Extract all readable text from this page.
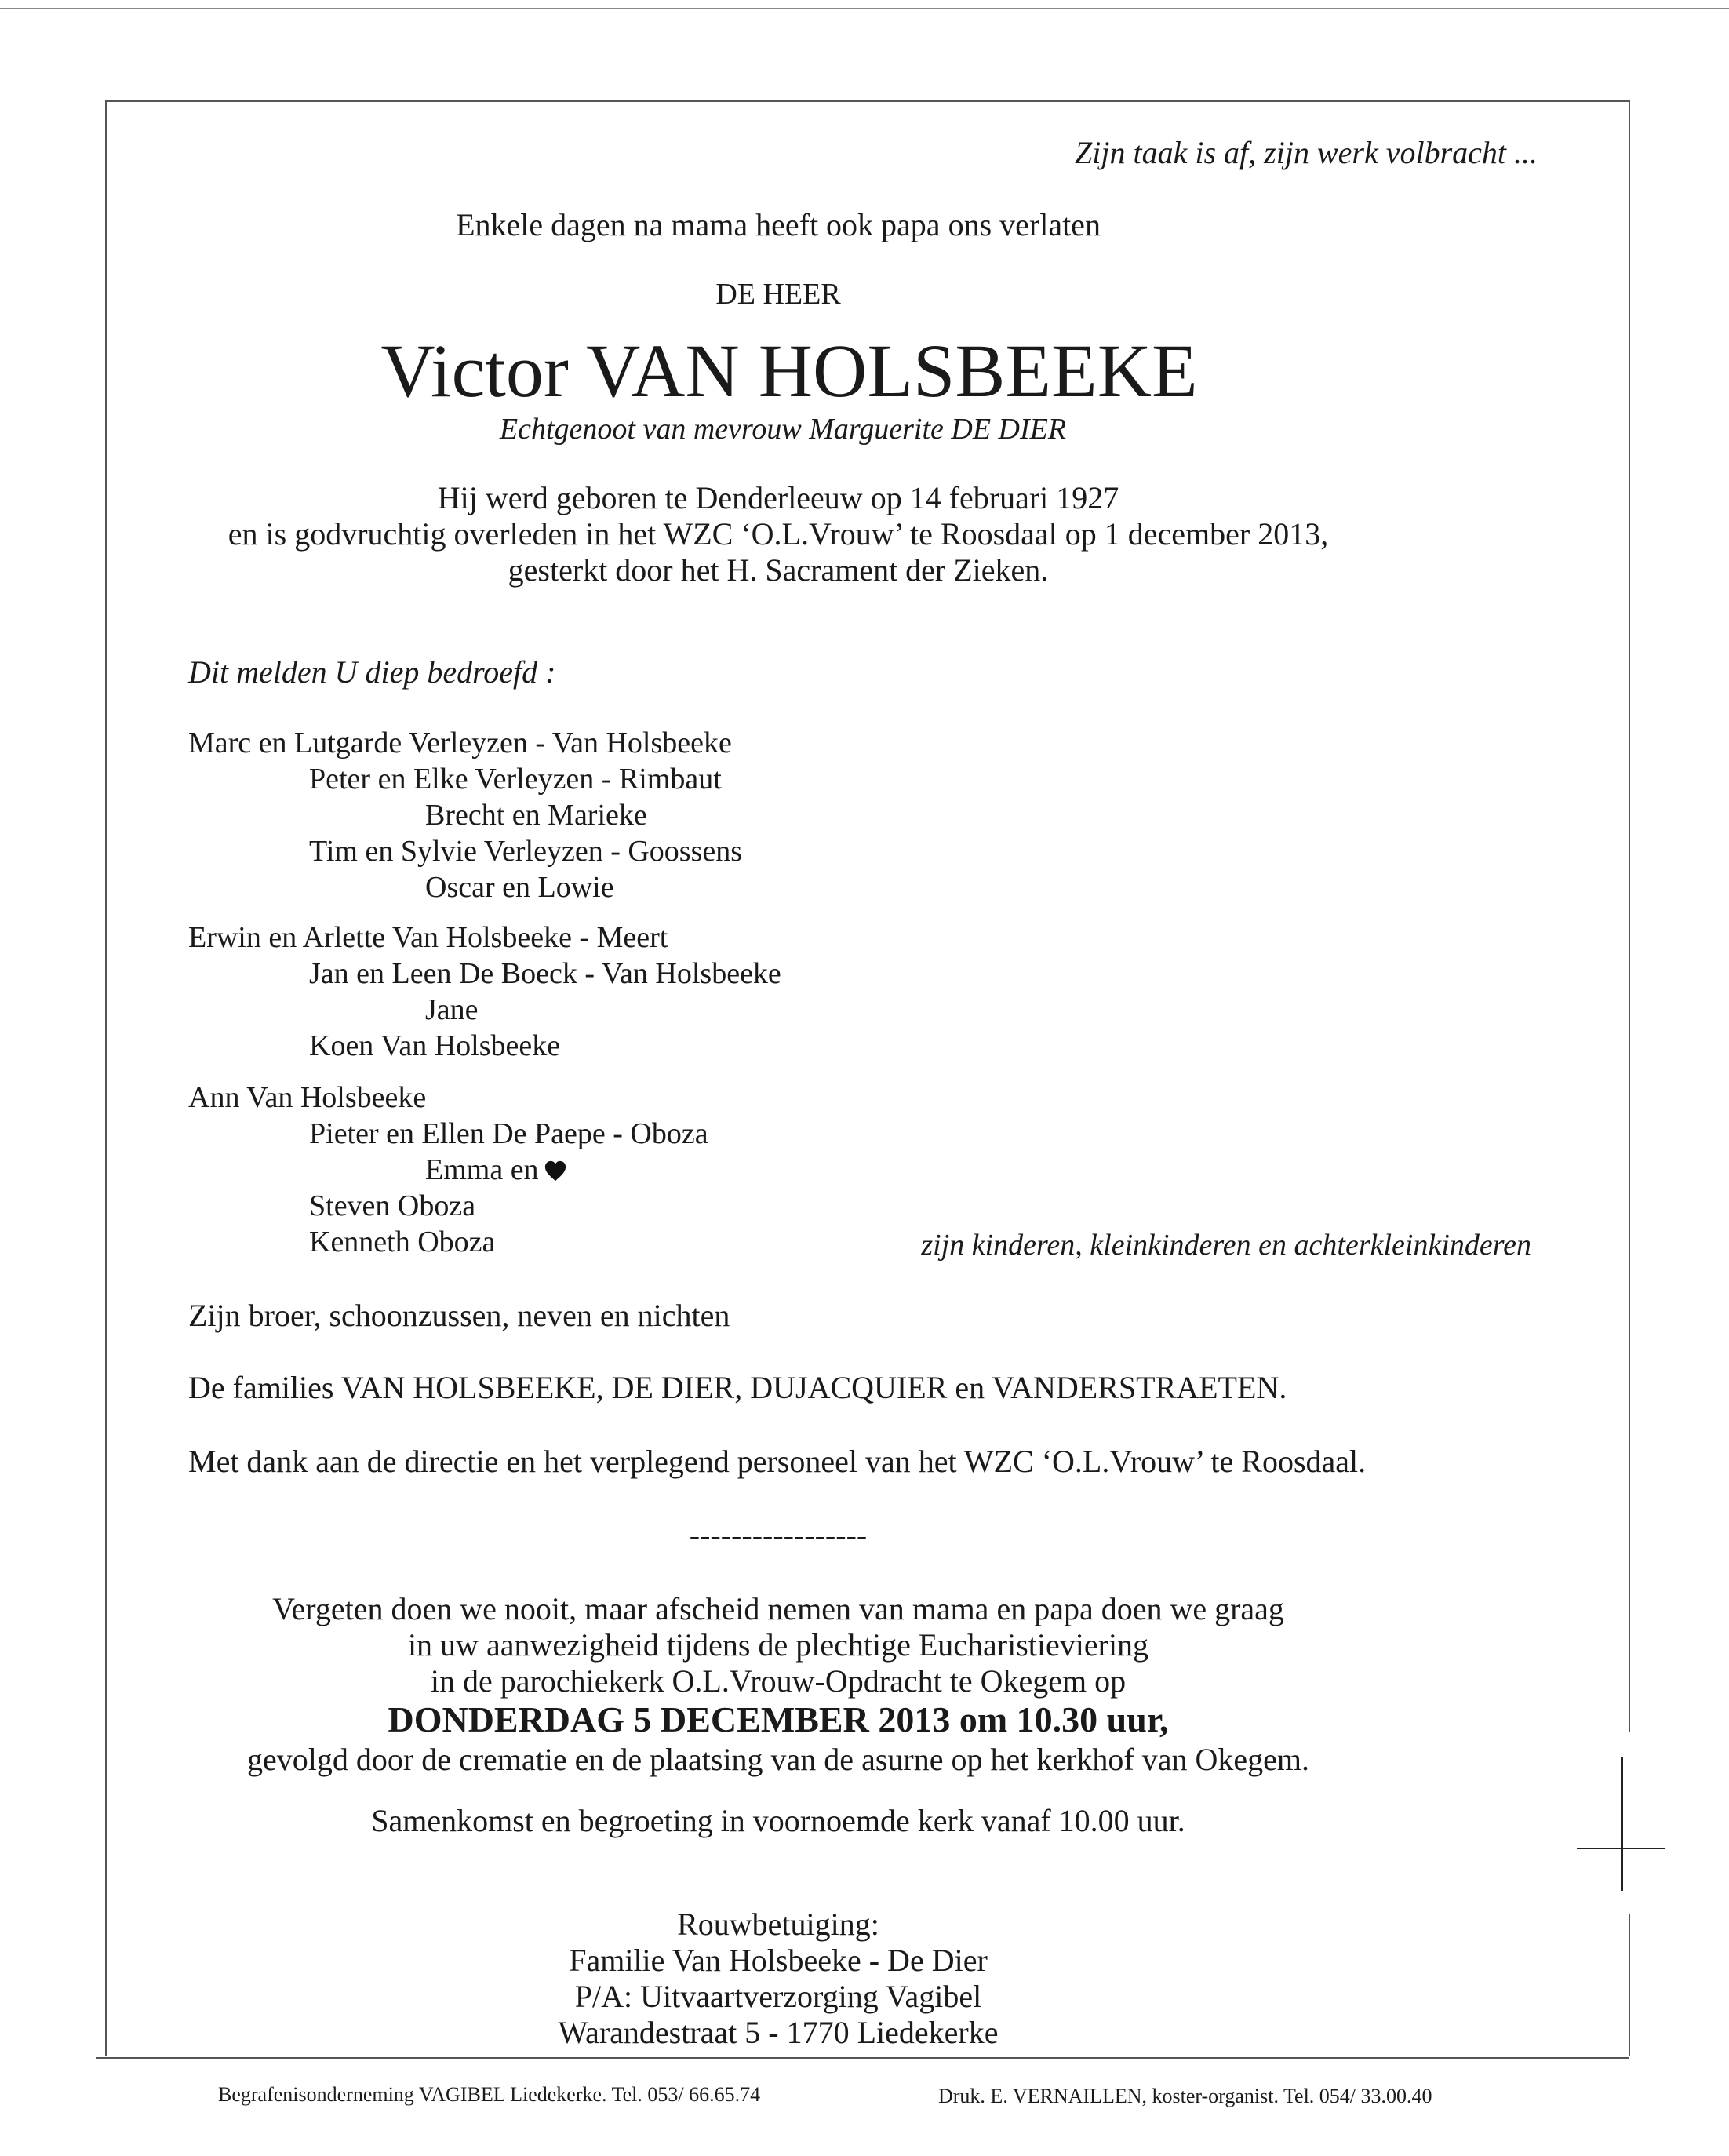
Zijn taak is af, zijn werk volbracht ...
Enkele dagen na mama heeft ook papa ons verlaten
DE HEER
Victor VAN HOLSBEEKE
Echtgenoot van mevrouw Marguerite DE DIER
Hij werd geboren te Denderleeuw op 14 februari 1927
en is godvruchtig overleden in het WZC ‘O.L.Vrouw’ te Roosdaal op 1 december 2013,
gesterkt door het H. Sacrament der Zieken.
Dit melden U diep bedroefd :
Marc en Lutgarde Verleyzen - Van Holsbeeke
Peter en Elke Verleyzen - Rimbaut
Brecht en Marieke
Tim en Sylvie Verleyzen - Goossens
Oscar en Lowie
Erwin en Arlette Van Holsbeeke - Meert
Jan en Leen De Boeck - Van Holsbeeke
Jane
Koen Van Holsbeeke
Ann Van Holsbeeke
Pieter en Ellen De Paepe - Oboza
Emma en
Steven Oboza
Kenneth Oboza	zijn kinderen, kleinkinderen en achterkleinkinderen
Zijn broer, schoonzussen, neven en nichten
De families VAN HOLSBEEKE, DE DIER, DUJACQUIER en VANDERSTRAETEN.
Met dank aan de directie en het verplegend personeel van het WZC ‘O.L.Vrouw’ te Roosdaal.
-----------------
Vergeten doen we nooit, maar afscheid nemen van mama en papa doen we graag
in uw aanwezigheid tijdens de plechtige Eucharistieviering
in de parochiekerk O.L.Vrouw-Opdracht te Okegem op
DONDERDAG 5 DECEMBER 2013 om 10.30 uur,
gevolgd door de crematie en de plaatsing van de asurne op het kerkhof van Okegem.
Samenkomst en begroeting in voornoemde kerk vanaf 10.00 uur.
Rouwbetuiging:
Familie Van Holsbeeke - De Dier
P/A: Uitvaartverzorging Vagibel
Warandestraat 5 - 1770 Liedekerke
Begrafenisonderneming VAGIBEL Liedekerke. Tel. 053/ 66.65.74	Druk. E. VERNAILLEN, koster-organist. Tel. 054/ 33.00.40
